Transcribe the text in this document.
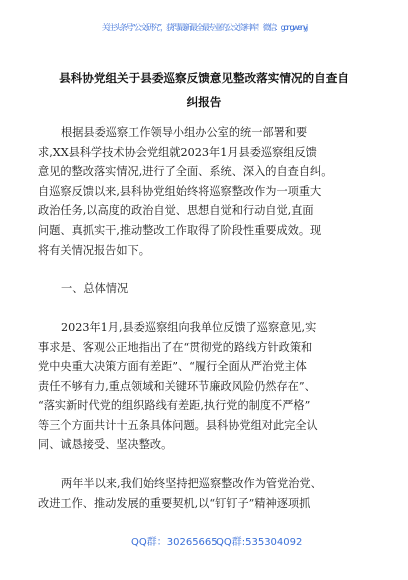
关注头条号“公文研究”，获得最新最全最专业的公文资料库！ 微信：gongwenyj
县科协党组关于县委巡察反馈意见整改落实情况的自查自
纠报告
根据县委巡察工作领导小组办公室的统一部署和要
求,XX县科学技术协会党组就2023年1月县委巡察组反馈
意见的整改落实情况,进行了全面、系统、深入的自查自纠。
自巡察反馈以来,县科协党组始终将巡察整改作为一项重大
政治任务,以高度的政治自觉、思想自觉和行动自觉,直面
问题、真抓实干,推动整改工作取得了阶段性重要成效。现
将有关情况报告如下。
一、总体情况
2023年1月,县委巡察组向我单位反馈了巡察意见,实
事求是、客观公正地指出了在“贯彻党的路线方针政策和
党中央重大决策方面有差距”、“履行全面从严治党主体
责任不够有力,重点领域和关键环节廉政风险仍然存在”、
“落实新时代党的组织路线有差距,执行党的制度不严格”
等三个方面共计十五条具体问题。县科协党组对此完全认
同、诚恳接受、坚决整改。
两年半以来,我们始终坚持把巡察整改作为管党治党、
改进工作、推动发展的重要契机,以“钉钉子”精神逐项抓
QQ群：30265665
QQ群:535304092
